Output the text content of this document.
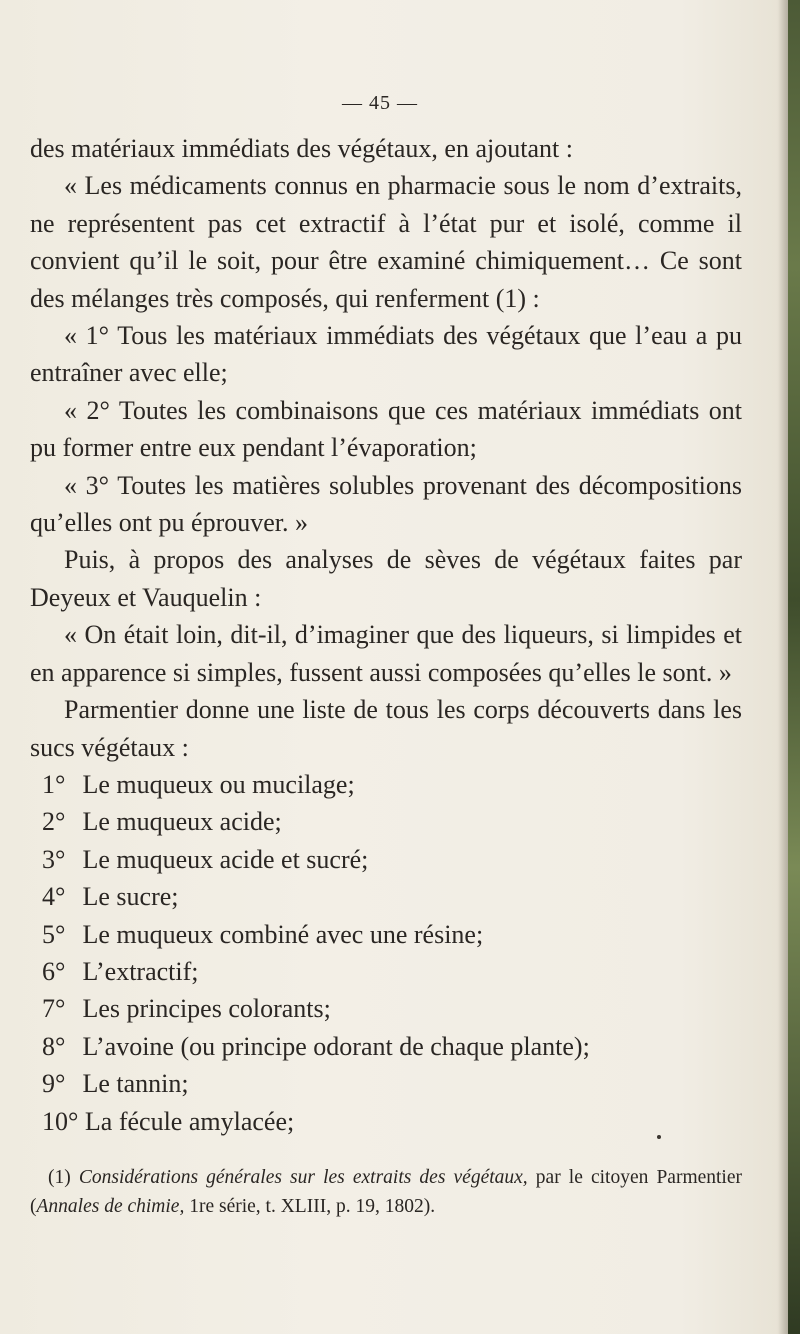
— 45 —

des matériaux immédiats des végétaux, en ajoutant :

« Les médicaments connus en pharmacie sous le nom d’extraits, ne représentent pas cet extractif à l’état pur et isolé, comme il convient qu’il le soit, pour être examiné chimiquement… Ce sont des mélanges très composés, qui renferment (1) :

« 1° Tous les matériaux immédiats des végétaux que l’eau a pu entraîner avec elle;

« 2° Toutes les combinaisons que ces matériaux immédiats ont pu former entre eux pendant l’évaporation;

« 3° Toutes les matières solubles provenant des décompositions qu’elles ont pu éprouver. »

Puis, à propos des analyses de sèves de végétaux faites par Deyeux et Vauquelin :

« On était loin, dit-il, d’imaginer que des liqueurs, si limpides et en apparence si simples, fussent aussi composées qu’elles le sont. »

Parmentier donne une liste de tous les corps découverts dans les sucs végétaux :

1° Le muqueux ou mucilage;

2° Le muqueux acide;

3° Le muqueux acide et sucré;

4° Le sucre;

5° Le muqueux combiné avec une résine;

6° L’extractif;

7° Les principes colorants;

8° L’avoine (ou principe odorant de chaque plante);

9° Le tannin;

10° La fécule amylacée;

(1) Considérations générales sur les extraits des végétaux, par le citoyen Parmentier (Annales de chimie, 1re série, t. XLIII, p. 19, 1802).
